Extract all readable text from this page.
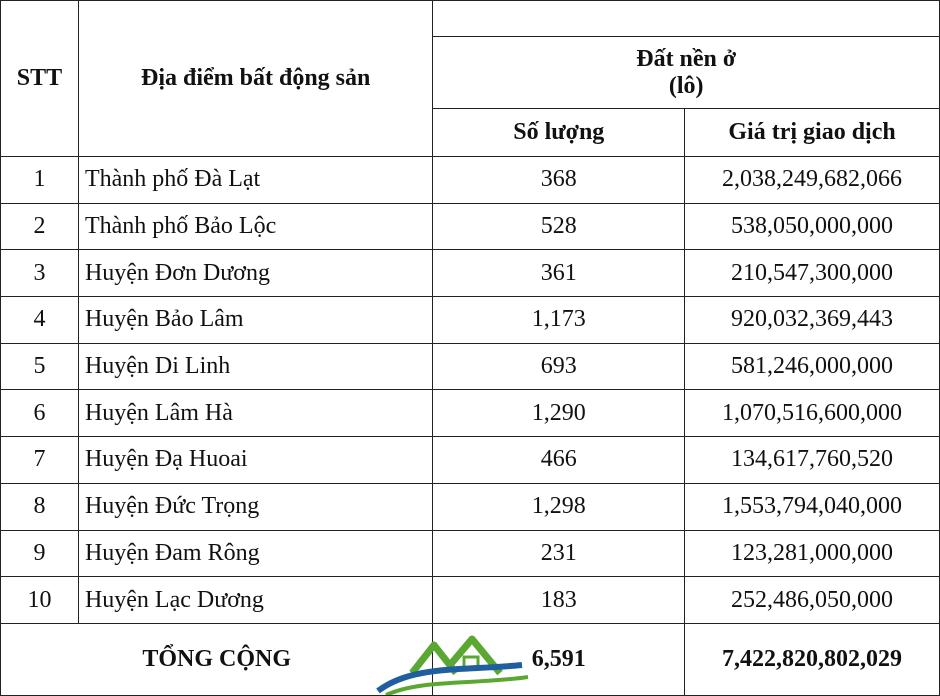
STT	Địa điểm bất động sản		

		Đất nền ở
(lô)	

		Số lượng	Giá trị giao dịch
1	Thành phố Đà Lạt	368	2,038,249,682,066
2	Thành phố Bảo Lộc	528	538,050,000,000
3	Huyện Đơn Dương	361	210,547,300,000
4	Huyện Bảo Lâm	1,173	920,032,369,443
5	Huyện Di Linh	693	581,246,000,000
6	Huyện Lâm Hà	1,290	1,070,516,600,000
7	Huyện Đạ Huoai	466	134,617,760,520
8	Huyện Đức Trọng	1,298	1,553,794,040,000
9	Huyện Đam Rông	231	123,281,000,000
10	Huyện Lạc Dương	183	252,486,050,000
TỔNG CỘNG		6,591	7,422,820,802,029
